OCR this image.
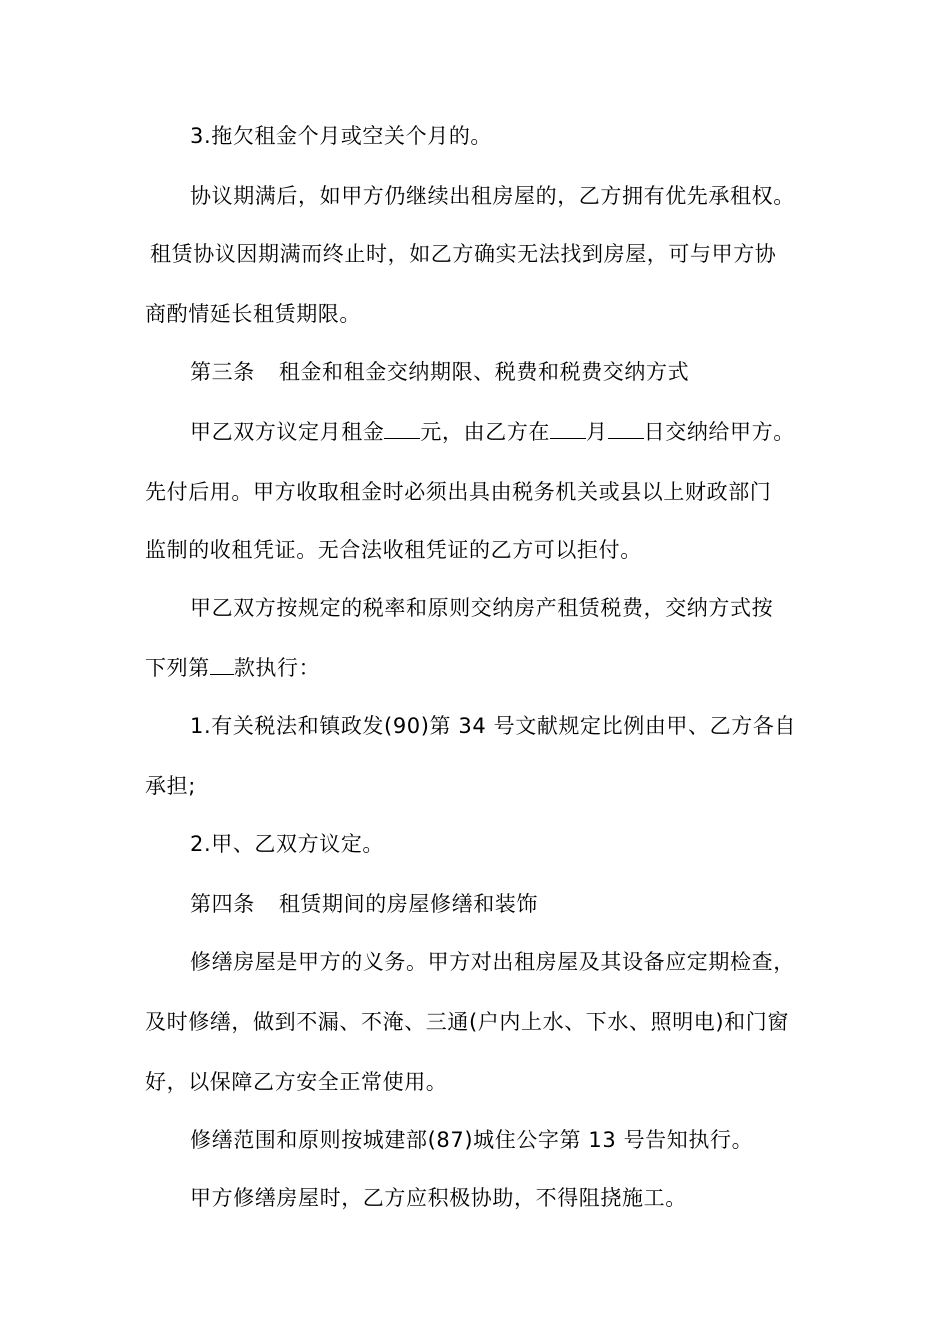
3.拖欠租金个月或空关个月的。
协议期满后，如甲方仍继续出租房屋的，乙方拥有优先承租权。
租赁协议因期满而终止时，如乙方确实无法找到房屋，可与甲方协
商酌情延长租赁期限。
第三条 租金和租金交纳期限、税费和税费交纳方式
甲乙双方议定月租金 元，由乙方在 月 日交纳给甲方。
先付后用。甲方收取租金时必须出具由税务机关或县以上财政部门
监制的收租凭证。无合法收租凭证的乙方可以拒付。
甲乙双方按规定的税率和原则交纳房产租赁税费，交纳方式按
下列第 款执行：
1.有关税法和镇政发(90)第 34 号文献规定比例由甲、乙方各自
承担;
2.甲、乙双方议定。
第四条 租赁期间的房屋修缮和装饰
修缮房屋是甲方的义务。甲方对出租房屋及其设备应定期检查，
及时修缮，做到不漏、不淹、三通(户内上水、下水、照明电)和门窗
好，以保障乙方安全正常使用。
修缮范围和原则按城建部(87)城住公字第 13 号告知执行。
甲方修缮房屋时，乙方应积极协助，不得阻挠施工。
